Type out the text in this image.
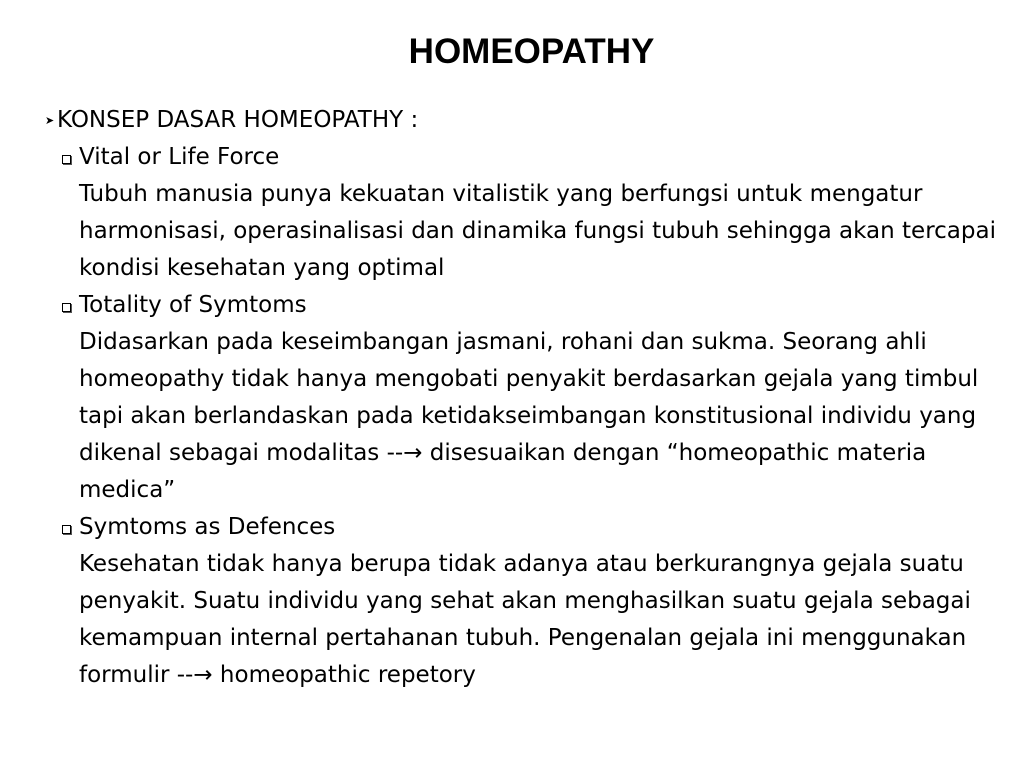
HOMEOPATHY
➤ KONSEP DASAR HOMEOPATHY :
Vital or Life Force

Tubuh manusia punya kekuatan vitalistik yang berfungsi untuk mengatur harmonisasi, operasinalisasi dan dinamika fungsi tubuh sehingga akan tercapai kondisi kesehatan yang optimal

Totality of Symtoms

Didasarkan pada keseimbangan jasmani, rohani dan sukma. Seorang ahli homeopathy tidak hanya mengobati penyakit berdasarkan gejala yang timbul tapi akan berlandaskan pada ketidakseimbangan konstitusional individu yang dikenal sebagai modalitas --→ disesuaikan dengan “homeopathic materia medica”

Symtoms as Defences

Kesehatan tidak hanya berupa tidak adanya atau berkurangnya gejala suatu penyakit. Suatu individu yang sehat akan menghasilkan suatu gejala sebagai kemampuan internal pertahanan tubuh. Pengenalan gejala ini menggunakan formulir --→ homeopathic repetory
